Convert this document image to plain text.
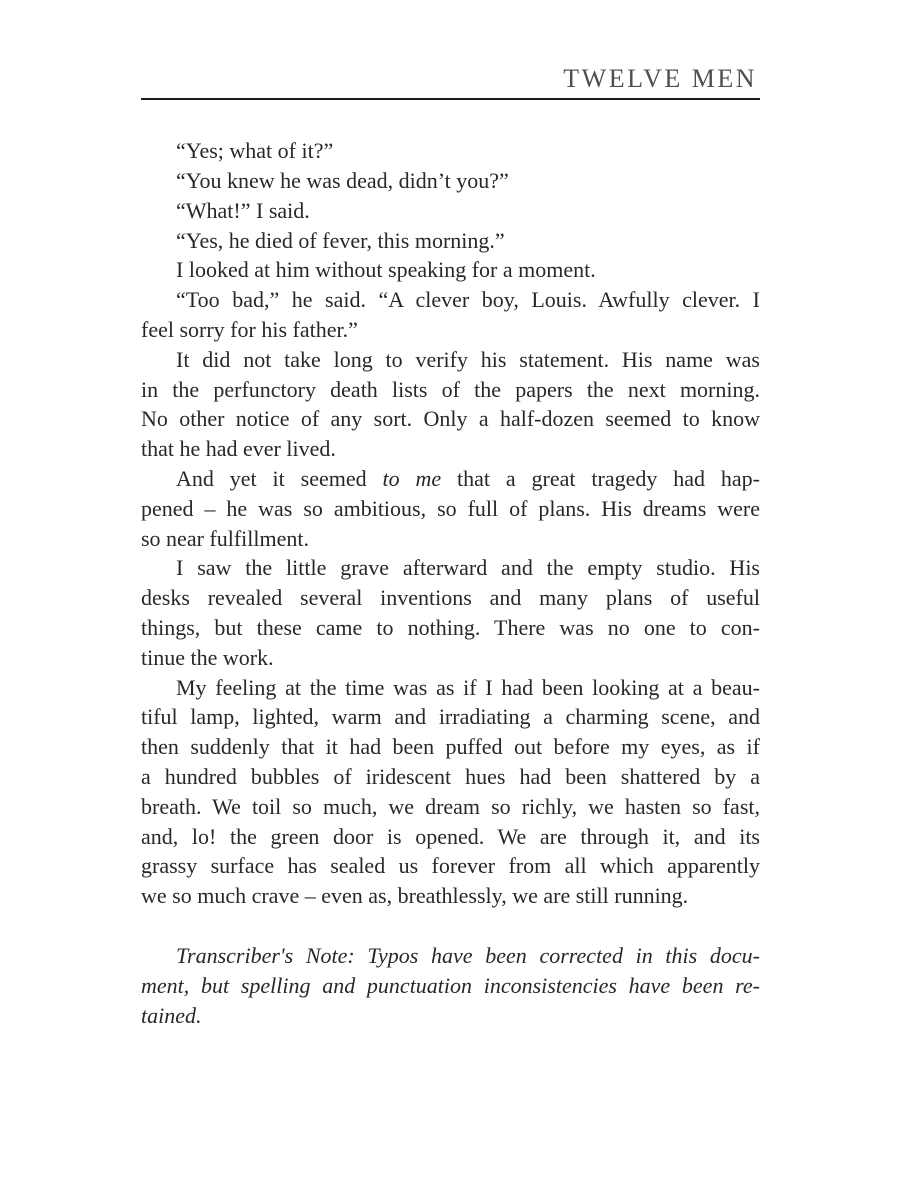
TWELVE MEN

“Yes; what of it?”

“You knew he was dead, didn’t you?”

“What!” I said.

“Yes, he died of fever, this morning.”

I looked at him without speaking for a moment.

“Too bad,” he said. “A clever boy, Louis. Awfully clever. I
feel sorry for his father.”

It did not take long to verify his statement. His name was
in the perfunctory death lists of the papers the next morning.
No other notice of any sort. Only a half-dozen seemed to know
that he had ever lived.

And yet it seemed to me that a great tragedy had hap-
pened – he was so ambitious, so full of plans. His dreams were
so near fulfillment.

I saw the little grave afterward and the empty studio. His
desks revealed several inventions and many plans of useful
things, but these came to nothing. There was no one to con-
tinue the work.

My feeling at the time was as if I had been looking at a beau-
tiful lamp, lighted, warm and irradiating a charming scene, and
then suddenly that it had been puffed out before my eyes, as if
a hundred bubbles of iridescent hues had been shattered by a
breath. We toil so much, we dream so richly, we hasten so fast,
and, lo! the green door is opened. We are through it, and its
grassy surface has sealed us forever from all which apparently
we so much crave – even as, breathlessly, we are still running.

Transcriber's Note: Typos have been corrected in this docu-
ment, but spelling and punctuation inconsistencies have been re-
tained.
